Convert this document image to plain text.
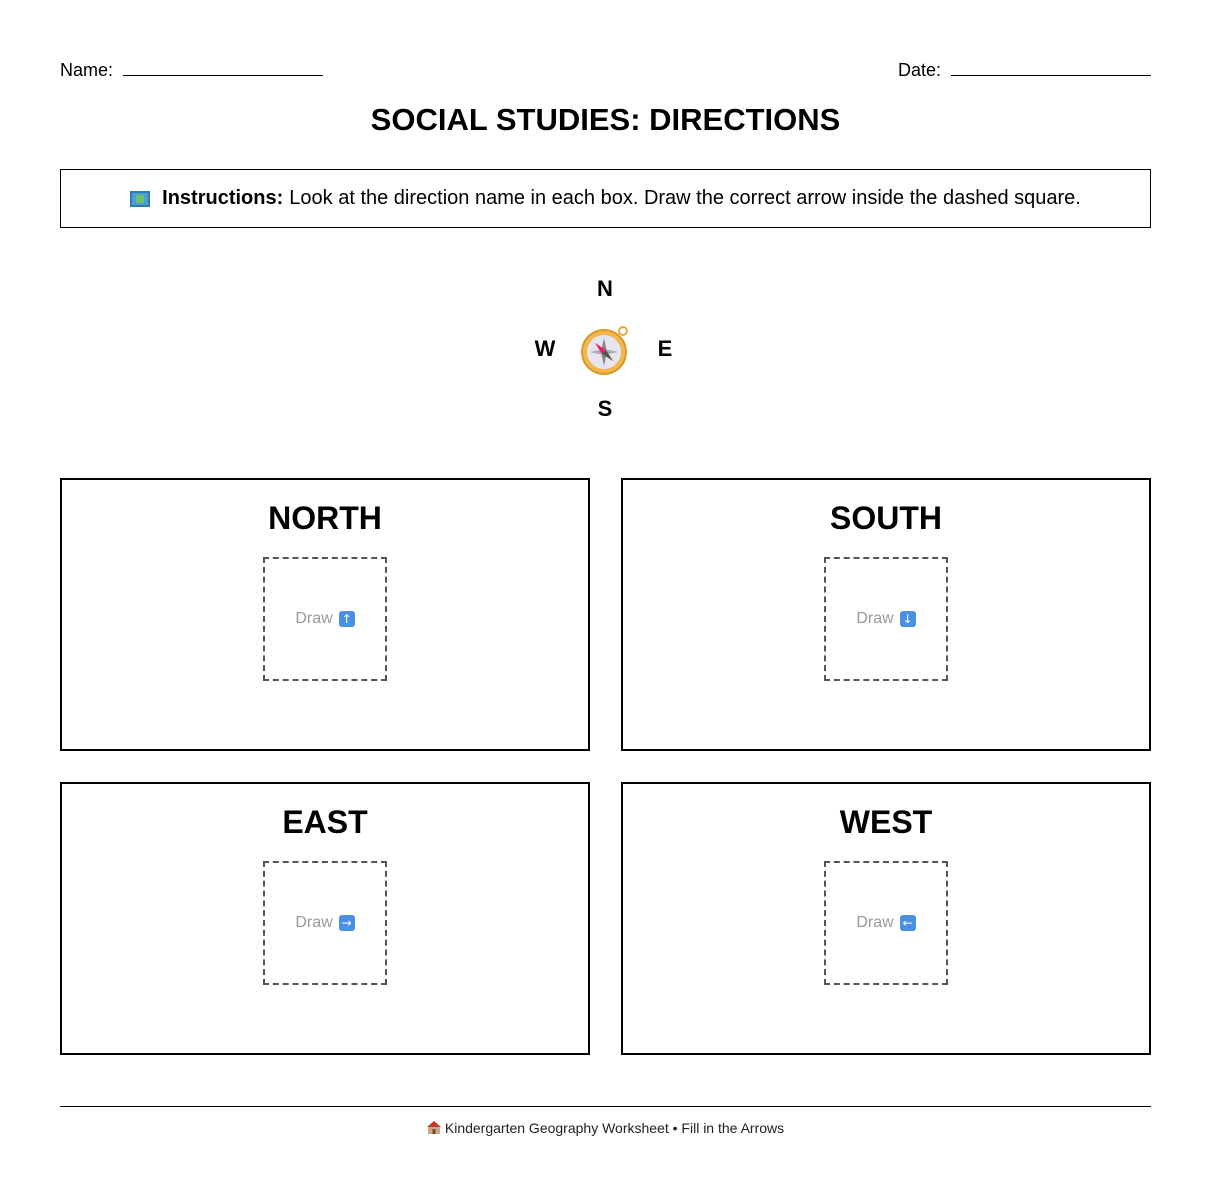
Name:	Date:
SOCIAL STUDIES: DIRECTIONS
Instructions: Look at the direction name in each box. Draw the correct arrow inside the dashed square.
N
S
W	E
NORTH
Draw ↑
SOUTH
Draw ↓
EAST
Draw →
WEST
Draw ←
Kindergarten Geography Worksheet • Fill in the Arrows
